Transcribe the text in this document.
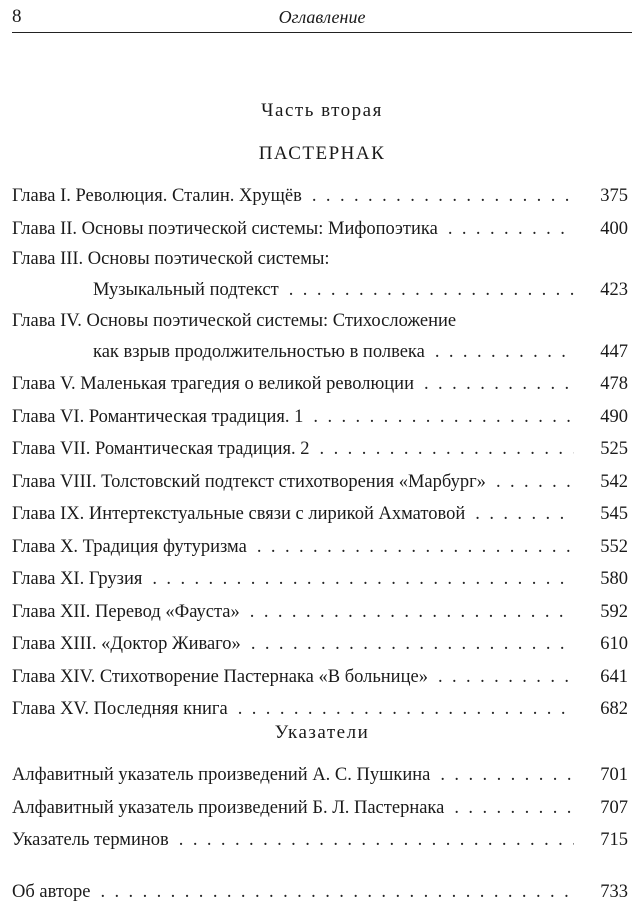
8	Оглавление
Часть вторая
ПАСТЕРНАК
Глава I. Революция. Сталин. Хрущёв . . .	375
Глава II. Основы поэтической системы: Мифопоэтика . . .	400
Глава III. Основы поэтической системы:
Музыкальный подтекст . . .	423
Глава IV. Основы поэтической системы: Стихосложение
как взрыв продолжительностью в полвека . . .	447
Глава V. Маленькая трагедия о великой революции . . .	478
Глава VI. Романтическая традиция. 1 . . .	490
Глава VII. Романтическая традиция. 2 . . .	525
Глава VIII. Толстовский подтекст стихотворения «Марбург» . . .	542
Глава IX. Интертекстуальные связи с лирикой Ахматовой . . .	545
Глава X. Традиция футуризма . . .	552
Глава XI. Грузия . . .	580
Глава XII. Перевод «Фауста» . . .	592
Глава XIII. «Доктор Живаго» . . .	610
Глава XIV. Стихотворение Пастернака «В больнице» . . .	641
Глава XV. Последняя книга . . .	682
Указатели
Алфавитный указатель произведений А. С. Пушкина . . .	701
Алфавитный указатель произведений Б. Л. Пастернака . . .	707
Указатель терминов . . .	715
Об авторе . . .	733
